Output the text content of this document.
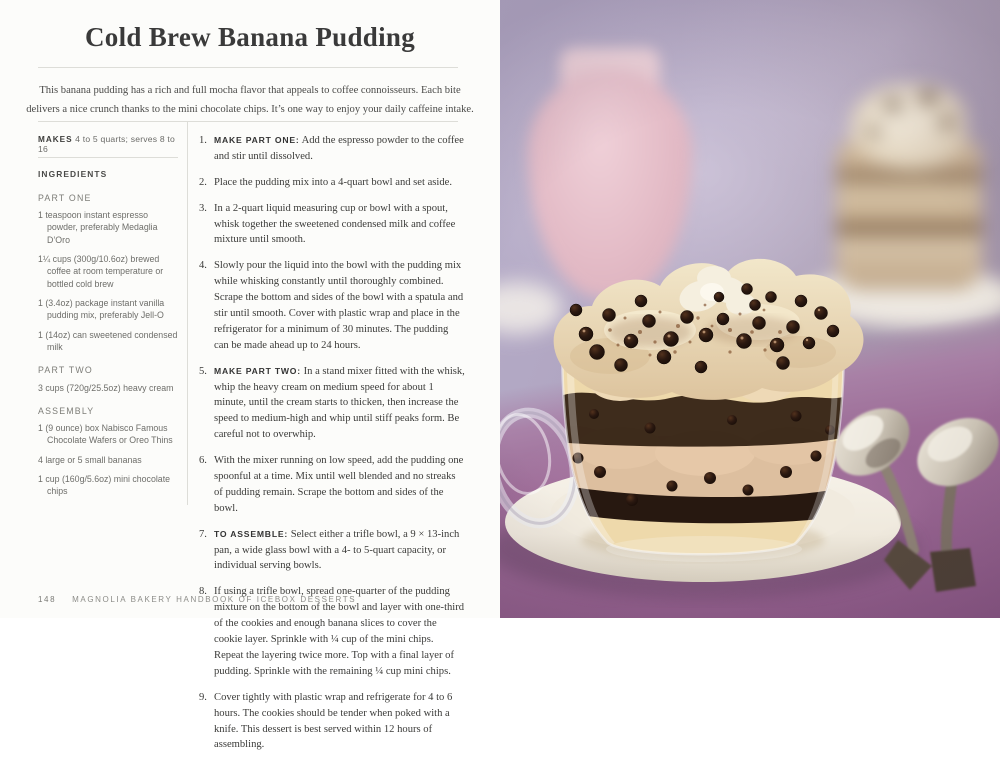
Cold Brew Banana Pudding
This banana pudding has a rich and full mocha flavor that appeals to coffee connoisseurs. Each bite
delivers a nice crunch thanks to the mini chocolate chips. It’s one way to enjoy your daily caffeine intake.
MAKES 4 to 5 quarts; serves 8 to 16
INGREDIENTS
PART ONE
1 teaspoon instant espresso powder, preferably Medaglia D’Oro
1¼ cups (300g/10.6oz) brewed coffee at room temperature or bottled cold brew
1 (3.4oz) package instant vanilla pudding mix, preferably Jell-O
1 (14oz) can sweetened condensed milk
PART TWO
3 cups (720g/25.5oz) heavy cream
ASSEMBLY
1 (9 ounce) box Nabisco Famous Chocolate Wafers or Oreo Thins
4 large or 5 small bananas
1 cup (160g/5.6oz) mini chocolate chips
1. MAKE PART ONE: Add the espresso powder to the coffee and stir until dissolved.
2. Place the pudding mix into a 4-quart bowl and set aside.
3. In a 2-quart liquid measuring cup or bowl with a spout, whisk together the sweetened condensed milk and coffee mixture until smooth.
4. Slowly pour the liquid into the bowl with the pudding mix while whisking constantly until thoroughly combined. Scrape the bottom and sides of the bowl with a spatula and stir until smooth. Cover with plastic wrap and place in the refrigerator for a minimum of 30 minutes. The pudding can be made ahead up to 24 hours.
5. MAKE PART TWO: In a stand mixer fitted with the whisk, whip the heavy cream on medium speed for about 1 minute, until the cream starts to thicken, then increase the speed to medium-high and whip until stiff peaks form. Be careful not to overwhip.
6. With the mixer running on low speed, add the pudding one spoonful at a time. Mix until well blended and no streaks of pudding remain. Scrape the bottom and sides of the bowl.
7. TO ASSEMBLE: Select either a trifle bowl, a 9 × 13-inch pan, a wide glass bowl with a 4- to 5-quart capacity, or individual serving bowls.
8. If using a trifle bowl, spread one-quarter of the pudding mixture on the bottom of the bowl and layer with one-third of the cookies and enough banana slices to cover the cookie layer. Sprinkle with ¼ cup of the mini chips. Repeat the layering twice more. Top with a final layer of pudding. Sprinkle with the remaining ¼ cup mini chips.
9. Cover tightly with plastic wrap and refrigerate for 4 to 6 hours. The cookies should be tender when poked with a knife. This dessert is best served within 12 hours of assembling.
148 MAGNOLIA BAKERY HANDBOOK OF ICEBOX DESSERTS
